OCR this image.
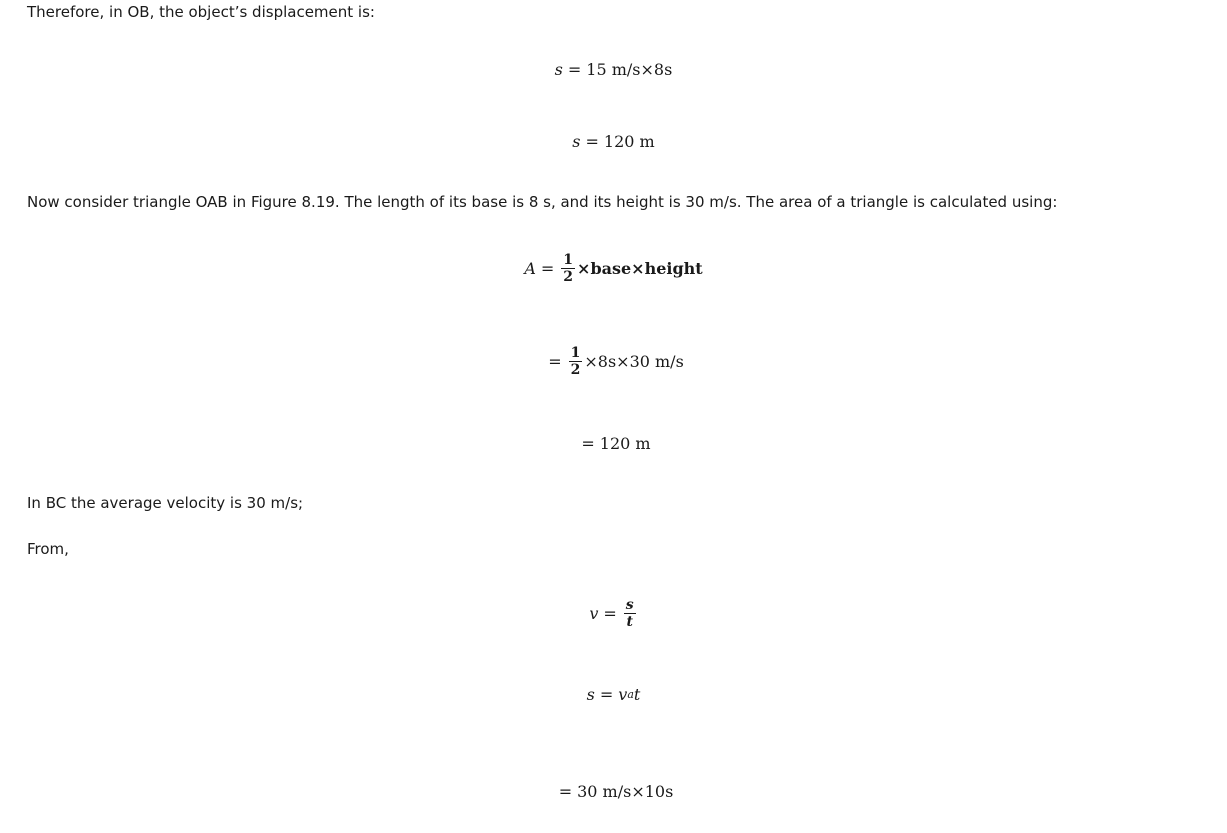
Therefore, in OB, the object’s displacement is:
s = 15 m/s×8s
s = 120 m
Now consider triangle OAB in Figure 8.19. The length of its base is 8 s, and its height is 30 m/s. The area of a triangle is calculated using:
$A = \frac{1}{2}$ ×base×height
= $\frac{1}{2} \times 8s\times 30$ m/s
= 120 m
In BC the average velocity is 30 m/s;
From,
$v = \frac{s}{t}$
s = v a t
= 30 m/s×10s
